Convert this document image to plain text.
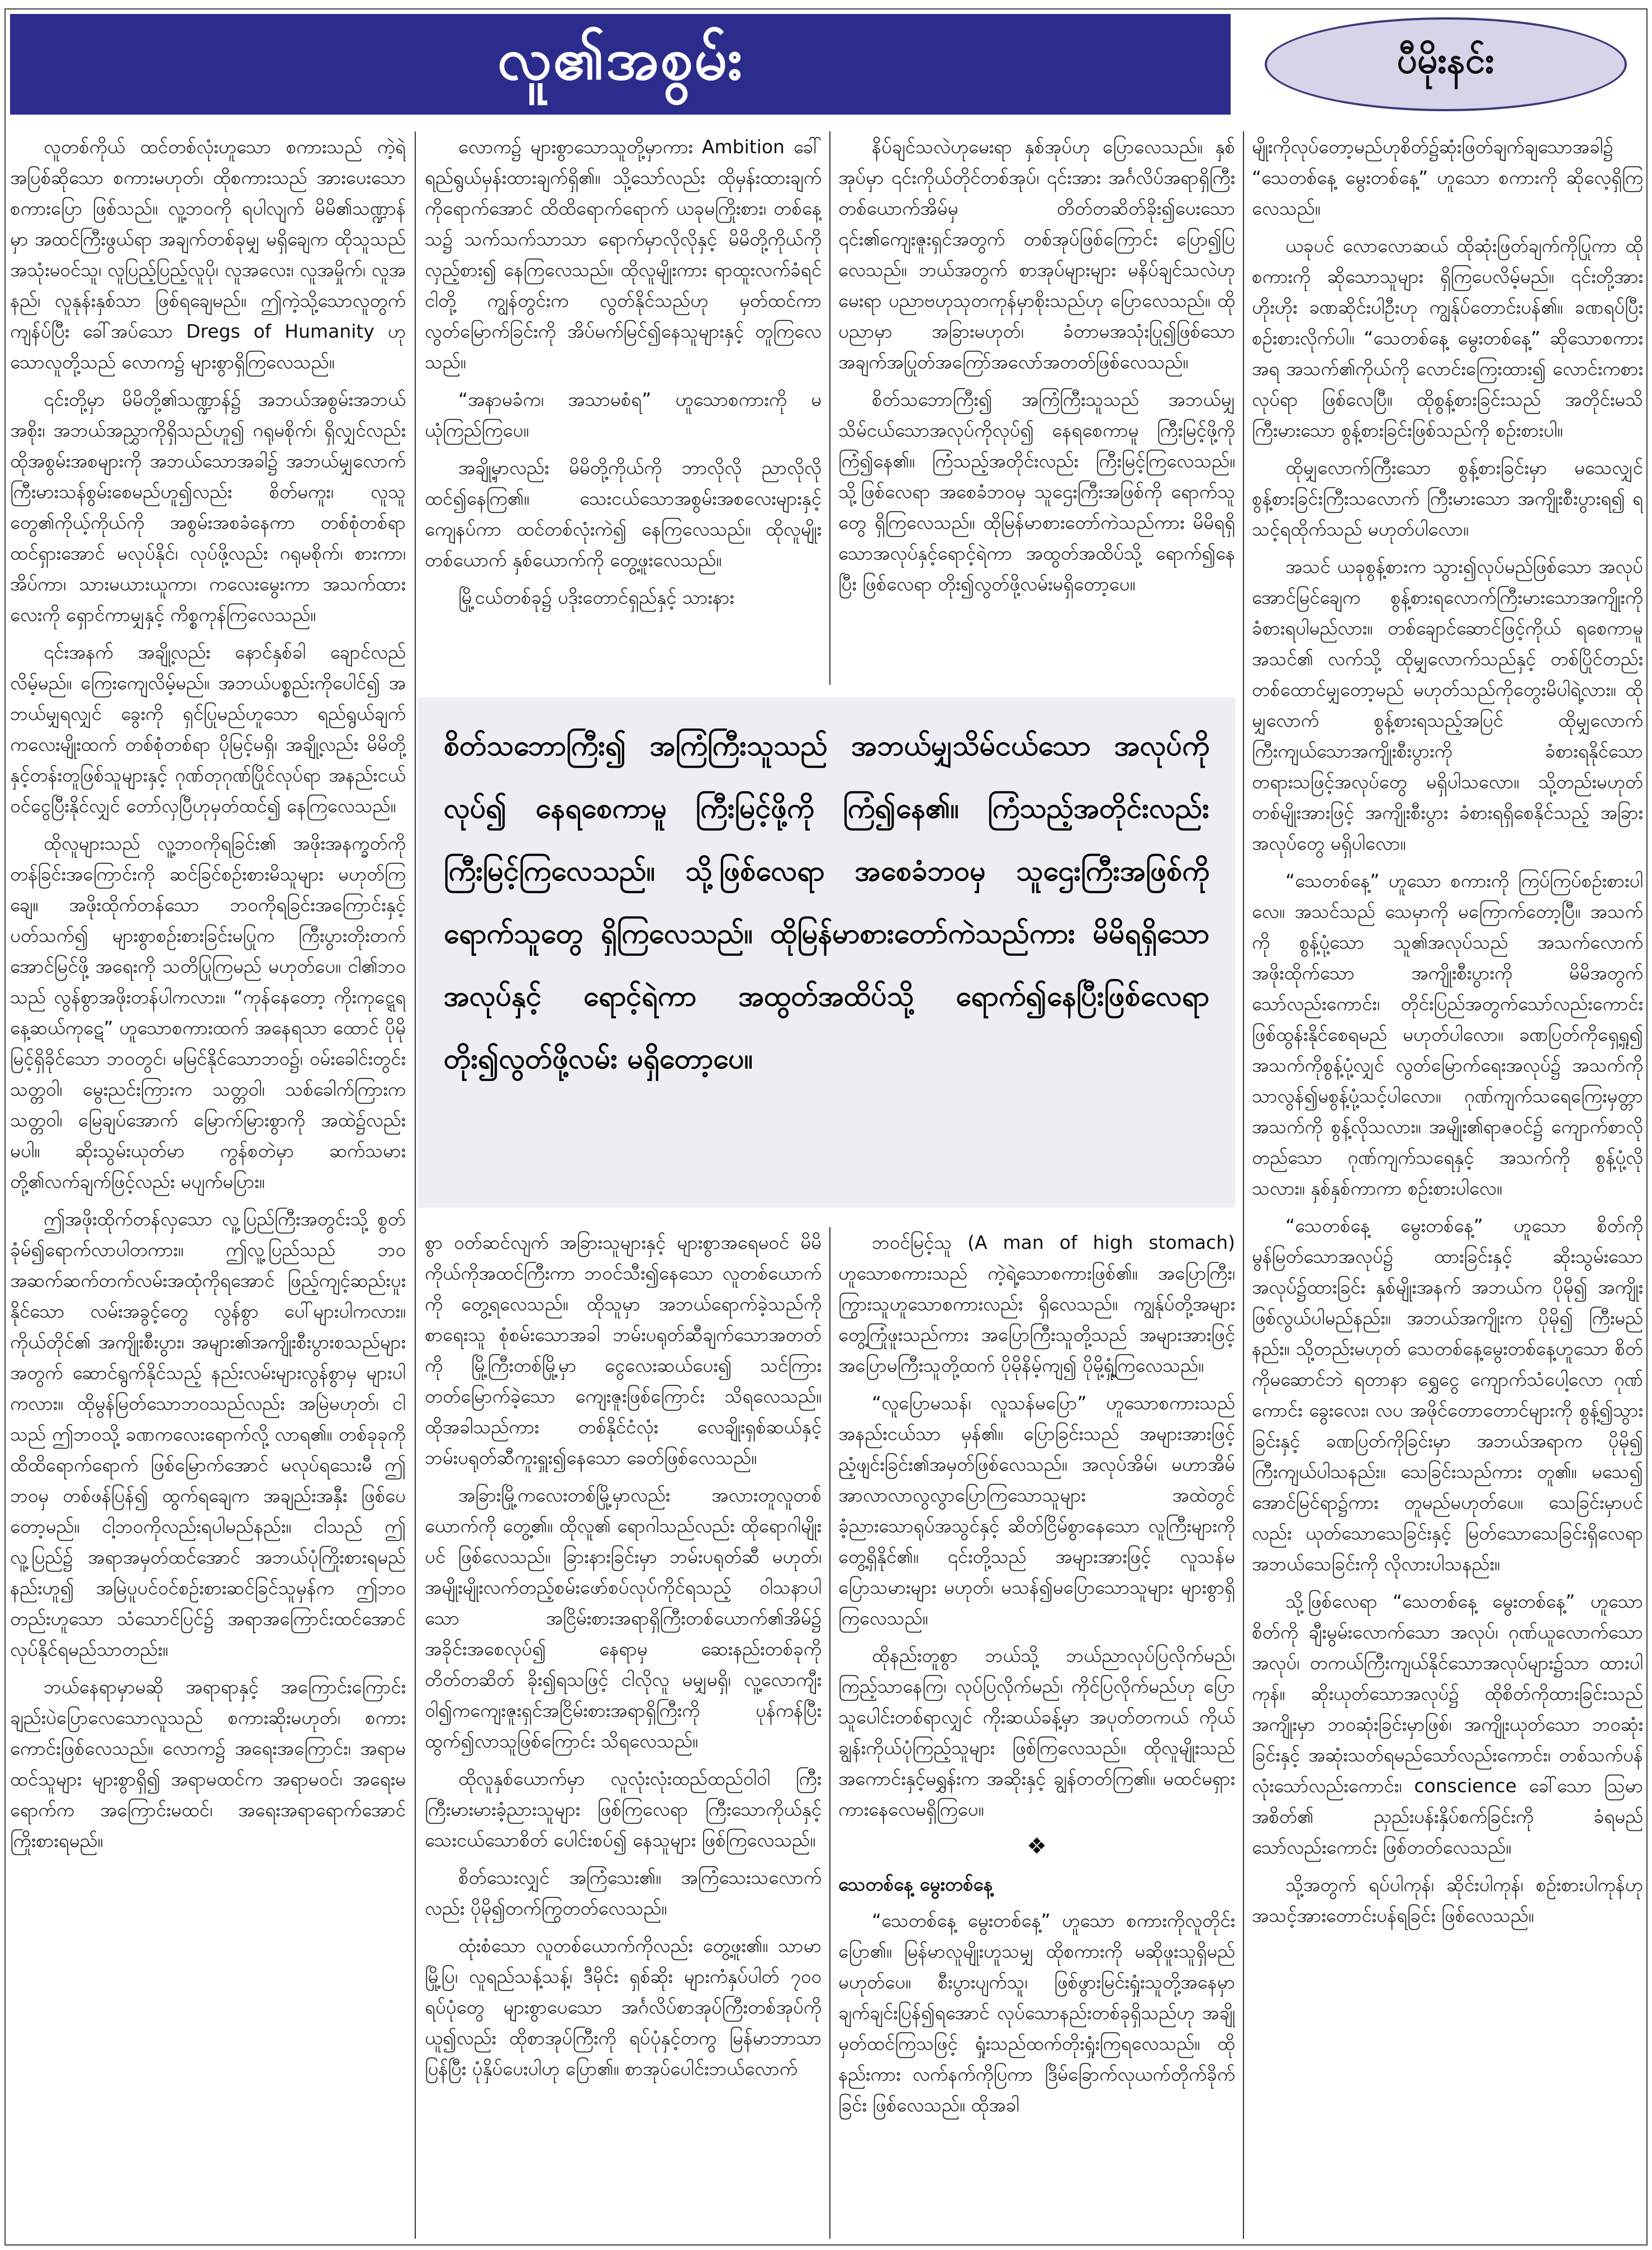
လူ၏အစွမ်း	ပီမိုးနင်း

လူတစ်ကိုယ် ထင်တစ်လုံးဟူသော စကားသည် ကဲ့ရဲ့အပြစ်ဆိုသော စကားမဟုတ်၊ ထိုစကားသည် အားပေးသောစကားပြော ဖြစ်သည်။ လူ့ဘဝကို ရပါလျက် မိမိ၏သဏ္ဍာန်မှာ အထင်ကြီးဖွယ်ရာ အချက်တစ်ခုမျှ မရှိချေက ထိုသူသည် အသုံးမဝင်သူ၊ လူပြည့်ပြည့်လူပို၊ လူအလေး၊ လူအမှိုက်၊ လူအနည်၊ လူနုန်းနှစ်သာ ဖြစ်ရချေမည်။ ဤကဲ့သို့သောလူတွက် ကျန်ပ်ပြီး ခေါ်အပ်သော Dregs of Humanity ဟု သောလူတို့သည် လောက၌ များစွာရှိကြလေသည်။

၎င်းတို့မှာ မိမိတို့၏သဏ္ဍာန်၌ အဘယ်အစွမ်းအဘယ်အစိုး၊ အဘယ်အညွှာကိုရှိသည်ဟူ၍ ဂရုမစိုက်၊ ရှိလျှင်လည်း ထိုအစွမ်းအစများကို အဘယ်သောအခါ၌ အဘယ်မျှလောက် ကြီးမားသန်စွမ်းစေမည်ဟူ၍လည်း စိတ်မကူး၊ လူသူတွေ၏ကိုယ့်ကိုယ်ကို အစွမ်းအစခံနေကာ တစ်စုံတစ်ရာ ထင်ရှားအောင် မလုပ်နိုင်၊ လုပ်ဖို့လည်း ဂရုမစိုက်၊ စားကာ၊ အိပ်ကာ၊ သားမယားယူကာ၊ ကလေးမွေးကာ အသက်ထားလေးကို ရှောင်ကာမျှနှင့် ကိစ္စကုန်ကြလေသည်။

၎င်းအနက် အချို့လည်း နောင်နှစ်ခါ ချောင်လည်လိမ့်မည်။ ကြေးကျေလိမ့်မည်။ အဘယ်ပစ္စည်းကိုပေါင်၍ အဘယ်မျှရလျှင် ခွေးကို ရှင်ပြုမည်ဟူသော ရည်ရွယ်ချက်ကလေးမျိုးထက် တစ်စုံတစ်ရာ ပိုမြင့်မရှိ၊ အချို့လည်း မိမိတို့နှင့်တန်းတူဖြစ်သူများနှင့် ဂုဏ်တုဂုဏ်ပြိုင်လုပ်ရာ အနည်းငယ်ဝင်ငွေပြီးနိုင်လျှင် တော်လှပြီဟုမှတ်ထင်၍ နေကြလေသည်။

ထိုလူများသည် လူ့ဘဝကိုရခြင်း၏ အဖိုးအနက္ခတ်ကိုတန်ခြင်းအကြောင်းကို ဆင်ခြင်စဉ်းစားမိသူများ မဟုတ်ကြချေ။ အဖိုးထိုက်တန်သော ဘဝကိုရခြင်းအကြောင်းနှင့်ပတ်သက်၍ များစွာစဉ်းစားခြင်းမပြုက ကြီးပွားတိုးတက်အောင်မြင်ဖို့ အရေးကို သတိပြုကြမည် မဟုတ်ပေ။ ငါ၏ဘဝသည် လွန်စွာအဖိုးတန်ပါကလား။ “ကုန်နေတော့ ကိုးကုဋ္ဋေရနေ့ဆယ်ကုဋေ” ဟူသောစကားထက် အနေရသာ ထောင် ပိုမိုမြင့်ရှိခိုင်သော ဘဝတွင်၊ မမြင်နိုင်သောဘဝ၌၊ ဝမ်းခေါင်းတွင်း သတ္တဝါ၊ မွေးညင်းကြားက သတ္တဝါ၊ သစ်ခေါက်ကြားက သတ္တဝါ၊ မြေချပ်အောက် မြောက်မြားစွာကို အထဲ၌လည်း မပါ။ ဆိုးသွမ်းယုတ်မာ ကွန်စတဲမှာ ဆက်သမားတို့၏လက်ချက်ဖြင့်လည်း မပျက်မပြား။

ဤအဖိုးထိုက်တန်လှသော လူ့ပြည်ကြီးအတွင်းသို့ စွတ်ခုံမ်၍ရောက်လာပါတကား။ ဤလူ့ပြည်သည် ဘဝအဆက်ဆက်တက်လမ်းအထုံကိုရအောင် ဖြည့်ကျင့်ဆည်းပူးနိုင်သော လမ်းအခွင့်တွေ လွန်စွာ ပေါ်များပါကလား။ ကိုယ်တိုင်၏ အကျိုးစီးပွား၊ အများ၏အကျိုးစီးပွားစသည်များအတွက် ဆောင်ရွက်နိုင်သည့် နည်းလမ်းများလွန်စွာမှ များပါကလား။ ထိုမွန်မြတ်သောဘဝသည်လည်း အမြဲမဟုတ်၊ ငါသည် ဤဘဝသို့ ခဏကလေးရောက်လို့ လာရ၏။ တစ်ခုခုကို ထိထိရောက်ရောက် ဖြစ်မြောက်အောင် မလုပ်ရသေးမီ ဤဘဝမှ တစ်ဖန်ပြန်၍ ထွက်ရချေက အချည်းအနှီး ဖြစ်ပေတော့မည်။ ငါ့ဘဝကိုလည်းရပါမည်နည်း။ ငါသည် ဤလူ့ပြည်၌ အရာအမှတ်ထင်အောင် အဘယ်ပုံကြိုးစားရမည်နည်းဟူ၍ အမြဲပူပင်ဝင်စဉ်းစားဆင်ခြင်သူမှန်က ဤဘဝတည်းဟူသော သံသောင်ပြင်၌ အရာအကြောင်းထင်အောင် လုပ်နိုင်ရမည်သာတည်း။

ဘယ်နေရာမှာမဆို အရာရာနှင့် အကြောင်းကြောင်းချည်းပဲပြောလေသောလူသည် စကားဆိုးမဟုတ်၊ စကားကောင်းဖြစ်လေသည်။ လောက၌ အရေးအကြောင်း၊ အရာမထင်သူများ များစွာရှိ၍ အရာမထင်က အရာမဝင်၊ အရေးမရောက်က အကြောင်းမထင်၊ အရေးအရာရောက်အောင် ကြိုးစားရမည်။

လောက၌ များစွာသောသူတို့မှာကား Ambition ခေါ် ရည်ရွယ်မှန်းထားချက်ရှိ၏။ သို့သော်လည်း ထိုမှန်းထားချက်ကိုရောက်အောင် ထိထိရောက်ရောက် ယခုမကြိုးစား၊ တစ်နေ့သ၌ သက်သက်သာသာ ရောက်မှာလိုလိုနှင့် မိမိတို့ကိုယ်ကို လှည့်စား၍ နေကြလေသည်။ ထိုလူမျိုးကား ရာထူးလက်ခံရင် ငါတို့ ကျွန်တွင်းက လွတ်နိုင်သည်ဟု မှတ်ထင်ကာ လွတ်မြောက်ခြင်းကို အိပ်မက်မြင်၍နေသူများနှင့် တူကြလေသည်။

“အနာမခံက၊ အသာမစံရ” ဟူသောစကားကို မယုံကြည်ကြပေ။

အချို့မှာလည်း မိမိတို့ကိုယ်ကို ဘာလိုလို ညာလိုလို ထင်၍နေကြ၏။ သေးငယ်သောအစွမ်းအစလေးများနှင့်ကျေနပ်ကာ ထင်တစ်လုံးကဲ၍ နေကြလေသည်။ ထိုလူမျိုးတစ်ယောက် နှစ်ယောက်ကို တွေ့ဖူးလေသည်။

မြို့ငယ်တစ်ခု၌ ပဒိုးတောင်ရှည်နှင့် သားနား

နိပ်ချင်သလဲဟုမေးရာ နှစ်အုပ်ဟု ပြောလေသည်။ နှစ်အုပ်မှာ ၎င်းကိုယ်တိုင်တစ်အုပ်၊ ၎င်းအား အင်္ဂလိပ်အရာရှိကြီးတစ်ယောက်အိမ်မှ တိတ်တဆိတ်ခိုး၍ပေးသော ၎င်း၏ကျေးဇူးရှင်အတွက် တစ်အုပ်ဖြစ်ကြောင်း ပြော၍ပြလေသည်။ ဘယ်အတွက် စာအုပ်များများ မနိပ်ချင်သလဲဟုမေးရာ ပညာဗဟုသုတကုန်မှာစိုးသည်ဟု ပြောလေသည်။ ထိုပညာမှာ အခြားမဟုတ်၊ ခံတာမအသုံးပြု၍ဖြစ်သော အချက်အပြုတ်အကြော်အလော်အတတ်ဖြစ်လေသည်။

စိတ်သဘောကြီး၍ အကြံကြီးသူသည် အဘယ်မျှ သိမ်ငယ်သောအလုပ်ကိုလုပ်၍ နေရစေကာမူ ကြီးမြင့်ဖို့ကို ကြံ၍နေ၏။ ကြံသည့်အတိုင်းလည်း ကြီးမြင့်ကြလေသည်။ သို့ဖြစ်လေရာ အစေခံဘဝမှ သူဌေးကြီးအဖြစ်ကို ရောက်သူတွေ ရှိကြလေသည်။ ထိုမြန်မာစားတော်ကဲသည်ကား မိမိရရှိသောအလုပ်နှင့်ရောင့်ရဲကာ အထွတ်အထိပ်သို့ ရောက်၍နေပြီး ဖြစ်လေရာ တိုး၍လွတ်ဖို့လမ်းမရှိတော့ပေ။

စိတ်သဘောကြီး၍ အကြံကြီးသူသည် အဘယ်မျှသိမ်ငယ်သော အလုပ်ကိုလုပ်၍ နေရစေကာမူ ကြီးမြင့်ဖို့ကို ကြံ၍နေ၏။ ကြံသည့်အတိုင်းလည်း ကြီးမြင့်ကြလေသည်။ သို့ဖြစ်လေရာ အစေခံဘဝမှ သူဌေးကြီးအဖြစ်ကို ရောက်သူတွေ ရှိကြလေသည်။ ထိုမြန်မာစားတော်ကဲသည်ကား မိမိရရှိသောအလုပ်နှင့် ရောင့်ရဲကာ အထွတ်အထိပ်သို့ ရောက်၍နေပြီးဖြစ်လေရာ တိုး၍လွတ်ဖို့လမ်း မရှိတော့ပေ။

စွာ ဝတ်ဆင်လျက် အခြားသူများနှင့် များစွာအရေမဝင် မိမိကိုယ်ကိုအထင်ကြီးကာ ဘဝင်သီး၍နေသော လူတစ်ယောက်ကို တွေ့ရလေသည်။ ထိုသူမှာ အဘယ်ရောက်ခဲ့သည်ကို စာရေးသူ စုံစမ်းသောအခါ ဘမ်းပရုတ်ဆီချက်သောအတတ်ကို မြို့ကြီးတစ်မြို့မှာ ငွေလေးဆယ်ပေး၍ သင်ကြားတတ်မြောက်ခဲ့သော ကျေးဇူးဖြစ်ကြောင်း သိရလေသည်။ ထိုအခါသည်ကား တစ်နိုင်ငံလုံး လေချိုးရှစ်ဆယ်နှင့် ဘမ်းပရုတ်ဆီကူးရှူး၍နေသော ခေတ်ဖြစ်လေသည်။

အခြားမြို့ကလေးတစ်မြို့မှာလည်း အလားတူလူတစ်ယောက်ကို တွေ့၏။ ထိုလူ၏ ရောဂါသည်လည်း ထိုရောဂါမျိုးပင် ဖြစ်လေသည်။ ခြားနားခြင်းမှာ ဘမ်းပရုတ်ဆီ မဟုတ်၊ အမျိုးမျိုးလက်တည့်စမ်းဖော်စပ်လုပ်ကိုင်ရသည့် ဝါသနာပါသော အငြိမ်းစားအရာရှိကြီးတစ်ယောက်၏အိမ်၌ အခိုင်းအစေလုပ်၍ နေရာမှ ဆေးနည်းတစ်ခုကို တိတ်တဆိတ် ခိုး၍ရသဖြင့် ငါလိုလူ မမျှမရှိ၊ လူ့လောကျီးဝါ၍ကကျေးဇူးရှင်အငြိမ်းစားအရာရှိကြီးကို ပုန်ကန်ပြီး ထွက်၍လာသူဖြစ်ကြောင်း သိရလေသည်။

ထိုလူနှစ်ယောက်မှာ လူလုံးလုံးထည်ထည်ဝါဝါ ကြီးကြီးမားမားခံ့ညားသူများ ဖြစ်ကြလေရာ ကြီးသောကိုယ်နှင့် သေးငယ်သောစိတ် ပေါင်းစပ်၍ နေသူများ ဖြစ်ကြလေသည်။

စိတ်သေးလျှင် အကြံသေး၏။ အကြံသေးသလောက်လည်း ပိုမို၍တက်ကြွတတ်လေသည်။

ထုံးစံသော လူတစ်ယောက်ကိုလည်း တွေ့ဖူး၏။ သာမာမြို့ပြ၊ လူရည်သန့်သန့်၊ ဒီမိုင်း ရှစ်ဆိုး များကံနှပ်ပါတ် ၇၀၀ ရပ်ပုံတွေ များစွာပေသော အင်္ဂလိပ်စာအုပ်ကြီးတစ်အုပ်ကို ယူ၍လည်း ထိုစာအုပ်ကြီးကို ရပ်ပုံနှင့်တကွ မြန်မာဘာသာပြန်ပြီး ပုံနှိပ်ပေးပါဟု ပြော၏။ စာအုပ်ပေါင်းဘယ်လောက်

ဘဝင်မြင့်သူ (A man of high stomach) ဟူသောစကားသည် ကဲ့ရဲ့သောစကားဖြစ်၏။ အပြောကြီး၊ ကြွားသူဟူသောစကားလည်း ရှိလေသည်။ ကျွန်ုပ်တို့အများ တွေ့ကြုံဖူးသည်ကား အပြောကြီးသူတို့သည် အများအားဖြင့် အပြောမကြီးသူတို့ထက် ပိုမိုနိမ့်ကျ၍ ပိုမို့ရှုံ့ကြလေသည်။

“လူပြောမသန်၊ လူသန်မပြော” ဟူသောစကားသည် အနည်းငယ်သာ မှန်၏။ ပြောခြင်းသည် အများအားဖြင့် ညံ့ဖျင်းခြင်း၏အမှတ်ဖြစ်လေသည်။ အလုပ်အိမ်၊ မဟာအိမ်အာလာလာလွလွာပြောကြသောသူများ အထဲတွင် ခံ့ညားသောရုပ်အသွင်နှင့် ဆိတ်ငြိမ်စွာနေသော လူကြီးများကို တွေ့ရှိနိုင်၏။ ၎င်းတို့သည် အများအားဖြင့် လူသန်မပြောသမားများ မဟုတ်၊ မသန်၍မပြောသောသူများ များစွာရှိကြလေသည်။

ထိုနည်းတူစွာ ဘယ်သို့ ဘယ်ညာလုပ်ပြလိုက်မည်၊ ကြည့်သာနေကြ၊ လုပ်ပြလိုက်မည်၊ ကိုင်ပြလိုက်မည်ဟု ပြောသူပေါင်းတစ်ရာလျှင် ကိုးဆယ်ခန့်မှာ အပုတ်တကယ် ကိုယ်ချွန်းကိုယ်ပုံကြည့်သူများ ဖြစ်ကြလေသည်။ ထိုလူမျိုးသည် အကောင်းနှင့်မရွှန်းက အဆိုးနှင့် ချွန်တတ်ကြ၏။ မထင်မရှားကားနေလေမရှိကြပေ။

❖

သေတစ်နေ့ မွေးတစ်နေ့

“သေတစ်နေ့ မွေးတစ်နေ့” ဟူသော စကားကိုလူတိုင်းပြော၏။ မြန်မာလူမျိုးဟူသမျှ ထိုစကားကို မဆိုဖူးသူရှိမည် မဟုတ်ပေ။ စီးပွားပျက်သူ၊ ဖြစ်ဖွားမြင်းရှုံးသူတို့အနေမှာ ချက်ချင်းပြန်၍ရအောင် လုပ်သောနည်းတစ်ခုရှိသည်ဟု အချို့မှတ်ထင်ကြသဖြင့် ရှုံးသည်ထက်တိုးရှုံးကြရလေသည်။ ထိုနည်းကား လက်နက်ကိုပြကာ ဒြိမ်ခြောက်လုယက်တိုက်ခိုက်ခြင်း ဖြစ်လေသည်။ ထိုအခါ

မျိုးကိုလုပ်တော့မည်ဟုစိတ်၌ဆုံးဖြတ်ချက်ချသောအခါ၌ “သေတစ်နေ့ မွေးတစ်နေ့” ဟူသော စကားကို ဆိုလေ့ရှိကြလေသည်။

ယခုပင် လောလောဆယ် ထိုဆုံးဖြတ်ချက်ကိုပြုကာ ထိုစကားကို ဆိုသောသူများ ရှိကြပေလိမ့်မည်။ ၎င်းတို့အား ဟိုးဟိုး ခဏဆိုင်းပါဦးဟု ကျွန်ုပ်တောင်းပန်၏။ ခဏရပ်ပြီး စဉ်းစားလိုက်ပါ။ “သေတစ်နေ့ မွေးတစ်နေ့” ဆိုသောစကားအရ အသက်၏ကိုယ်ကို လောင်းကြေးထား၍ လောင်းကစားလုပ်ရာ ဖြစ်လေပြီ။ ထိုစွန့်စားခြင်းသည် အတိုင်းမသိကြီးမားသော စွန့်စားခြင်းဖြစ်သည်ကို စဉ်းစားပါ။

ထိုမျှလောက်ကြီးသော စွန့်စားခြင်းမှာ မသေလျှင် စွန့်စားခြင်းကြီးသလောက် ကြီးမားသော အကျိုးစီးပွားရ၍ ရသင့်ရထိုက်သည် မဟုတ်ပါလော။

အသင် ယခုစွန့်စားက သွား၍လုပ်မည်ဖြစ်သော အလုပ်အောင်မြင်ချေက စွန့်စားရလောက်ကြီးမားသောအကျိုးကို ခံစားရပါမည်လား။ တစ်ချောင်ဆောင်ဖြင့်ကိုယ် ရစေကာမူ အသင်၏ လက်သို့ ထိုမျှလောက်သည်နှင့် တစ်ပြိုင်တည်း တစ်ထောင်မျှတော့မည် မဟုတ်သည်ကိုတွေးမိပါရဲ့လား။ ထိုမျှလောက် စွန့်စားရသည့်အပြင် ထိုမျှလောက်ကြီးကျယ်သောအကျိုးစီးပွားကို ခံစားရနိုင်သော တရားသဖြင့်အလုပ်တွေ မရှိပါသလော။ သို့တည်းမဟုတ် တစ်မျိုးအားဖြင့် အကျိုးစီးပွား ခံစားရရှိစေနိုင်သည့် အခြားအလုပ်တွေ မရှိပါလော။

“သေတစ်နေ့” ဟူသော စကားကို ကြပ်ကြပ်စဉ်းစားပါလေ။ အသင်သည် သေမှာကို မကြောက်တော့ပြီ။ အသက်ကို စွန့်ပုံ့သော သူ၏အလုပ်သည် အသက်လောက် အဖိုးထိုက်သော အကျိုးစီးပွားကို မိမိအတွက်သော်လည်းကောင်း၊ တိုင်းပြည်အတွက်သော်လည်းကောင်း ဖြစ်ထွန်းနိုင်စေရမည် မဟုတ်ပါလော။ ခဏပြတ်ကိုရှေ့ရှု၍ အသက်ကိုစွန့်ပုံ့လျှင် လွတ်မြောက်ရေးအလုပ်၌ အသက်ကိုသာလွန်၍မစွန့်ပုံ့သင့်ပါလော။ ဂုဏ်ကျက်သရေကြေးမှတ္တာ အသက်ကို စွန့်လိုသလား။ အမျိုး၏ရာဇဝင်၌ ကျောက်စာလို တည်သော ဂုဏ်ကျက်သရေနှင့် အသက်ကို စွန့်ပုံ့လို သလား။ နှစ်နှစ်ကာကာ စဉ်းစားပါလေ။

“သေတစ်နေ့ မွေးတစ်နေ့” ဟူသော စိတ်ကို မွန်မြတ်သောအလုပ်၌ ထားခြင်းနှင့် ဆိုးသွမ်းသော အလုပ်၌ထားခြင်း နှစ်မျိုးအနက် အဘယ်က ပိုမို၍ အကျိုးဖြစ်လွယ်ပါမည်နည်း။ အဘယ်အကျိုးက ပိုမို၍ ကြီးမည်နည်း။ သို့တည်းမဟုတ် သေတစ်နေ့မွေးတစ်နေ့ဟူသော စိတ်ကိုမဆောင်ဘဲ ရတာနာ ရွှေငွေ ကျောက်သံပေါ့လော ဂုဏ်ကောင်း ခွေးလေး၊ လပ အဖိုင်တောတောင်များကို စွန့်၍သွားခြင်းနှင့် ခဏပြတ်ကိုခြင်းမှာ အဘယ်အရာက ပိုမို၍ ကြီးကျယ်ပါသနည်း။ သေခြင်းသည်ကား တူ၏။ မသေ၍ အောင်မြင်ရာ၌ကား တူမည်မဟုတ်ပေ။ သေခြင်းမှာပင်လည်း ယုတ်သောသေခြင်းနှင့် မြတ်သောသေခြင်းရှိလေရာ အဘယ်သေခြင်းကို လိုလားပါသနည်း။

သို့ဖြစ်လေရာ “သေတစ်နေ့ မွေးတစ်နေ့” ဟူသောစိတ်ကို ချီးမွမ်းလောက်သော အလုပ်၊ ဂုဏ်ယူလောက်သောအလုပ်၊ တကယ်ကြီးကျယ်နိုင်သောအလုပ်များ၌သာ ထားပါကုန်။ ဆိုးယုတ်သောအလုပ်၌ ထိုစိတ်ကိုထားခြင်းသည် အကျိုးမှာ ဘဝဆုံးခြင်းမှာဖြစ်၊ အကျိုးယုတ်သော ဘဝဆုံးခြင်းနှင့် အဆုံးသတ်ရမည်သော်လည်းကောင်း၊ တစ်သက်ပန်လုံးသော်လည်းကောင်း၊ conscience ခေါ်သော ဩမာအစိတ်၏ ညှည်းပန်းနှိပ်စက်ခြင်းကို ခံရမည်သော်လည်းကောင်း ဖြစ်တတ်လေသည်။

သို့အတွက် ရပ်ပါကုန်၊ ဆိုင်းပါကုန်၊ စဉ်းစားပါကုန်ဟု အသင့်အားတောင်းပန်ရခြင်း ဖြစ်လေသည်။
